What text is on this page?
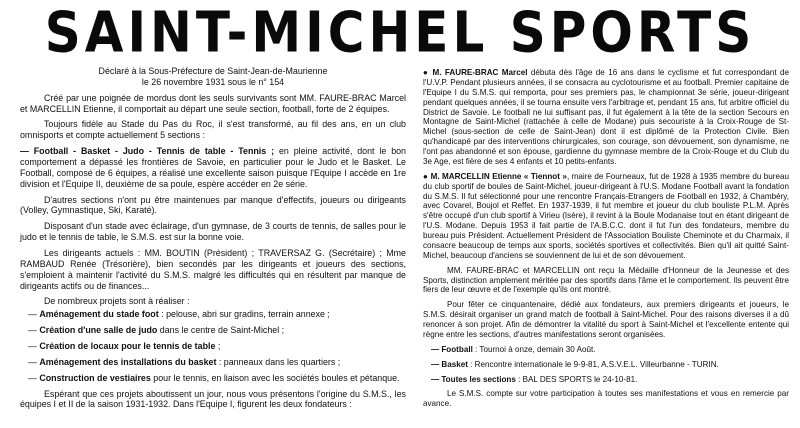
SAINT-MICHEL SPORTS

Déclaré à la Sous-Préfecture de Saint-Jean-de-Maurienne

le 26 novembre 1931 sous le n° 154

Créé par une poignée de mordus dont les seuls survivants sont MM. FAURE-BRAC Marcel et MARCELLIN Etienne, il comportait au départ une seule section, football, forte de 2 équipes.

Toujours fidèle au Stade du Pas du Roc, il s'est transformé, au fil des ans, en un club omnisports et compte actuellement 5 sections :

— Football - Basket - Judo - Tennis de table - Tennis ; en pleine activité, dont le bon comportement a dépassé les frontières de Savoie, en particulier pour le Judo et le Basket. Le Football, composé de 6 équipes, a réalisé une excellente saison puisque l'Equipe I accède en 1re division et l'Equipe II, deuxième de sa poule, espère accéder en 2e série.

D'autres sections n'ont pu être maintenues par manque d'effectifs, joueurs ou dirigeants (Volley, Gymnastique, Ski, Karaté).

Disposant d'un stade avec éclairage, d'un gymnase, de 3 courts de tennis, de salles pour le judo et le tennis de table, le S.M.S. est sur la bonne voie.

Les dirigeants actuels : MM. BOUTIN (Président) ; TRAVERSAZ G. (Secrétaire) ; Mme RAMBAUD Renée (Trésorière), bien secondés par les dirigeants et joueurs des sections, s'emploient à maintenir l'activité du S.M.S. malgré les difficultés qui en résultent par manque de dirigeants actifs ou de finances...

De nombreux projets sont à réaliser :

— Aménagement du stade foot : pelouse, abri sur gradins, terrain annexe ;

— Création d'une salle de judo dans le centre de Saint-Michel ;

— Création de locaux pour le tennis de table ;

— Aménagement des installations du basket : panneaux dans les quartiers ;

— Construction de vestiaires pour le tennis, en liaison avec les sociétés boules et pétanque.

Espérant que ces projets aboutissent un jour, nous vous présentons l'origine du S.M.S., les équipes I et II de la saison 1931-1932. Dans l'Equipe I, figurent les deux fondateurs :

● M. FAURE-BRAC Marcel débuta dès l'âge de 16 ans dans le cyclisme et fut correspondant de l'U.V.P. Pendant plusieurs années, il se consacra au cyclotourisme et au football. Premier capitaine de l'Equipe I du S.M.S. qui remporta, pour ses premiers pas, le championnat 3e série, joueur-dirigeant pendant quelques années, il se tourna ensuite vers l'arbitrage et, pendant 15 ans, fut arbitre officiel du District de Savoie. Le football ne lui suffisant pas, il fut également à la tête de la section Secours en Montagne de Saint-Michel (rattachée à celle de Modane) puis secouriste à la Croix-Rouge de St-Michel (sous-section de celle de Saint-Jean) dont il est diplômé de la Protection Civile. Bien qu'handicapé par des interventions chirurgicales, son courage, son dévouement, son dynamisme, ne l'ont pas abandonné et son épouse, gardienne du gymnase membre de la Croix-Rouge et du Club du 3e Age, est fière de ses 4 enfants et 10 petits-enfants.

● M. MARCELLIN Etienne « Tiennot », maire de Fourneaux, fut de 1928 à 1935 membre du bureau du club sportif de boules de Saint-Michel, joueur-dirigeant à l'U.S. Modane Football avant la fondation du S.M.S. Il fut sélectionné pour une rencontre Français-Etrangers de Football en 1932, à Chambéry, avec Covarel, Boujol et Reffet. En 1937-1939, il fut membre et joueur du club bouliste P.L.M. Après s'être occupé d'un club sportif à Virieu (Isère), il revint à la Boule Modanaise tout en étant dirigeant de l'U.S. Modane. Depuis 1953 il fait partie de l'A.B.C.C. dont il fut l'un des fondateurs, membre du bureau puis Président. Actuellement Président de l'Association Bouliste Cheminote et du Charmaix, il consacre beaucoup de temps aux sports, sociétés sportives et collectivités. Bien qu'il ait quitté Saint-Michel, beaucoup d'anciens se souviennent de lui et de son dévouement.

MM. FAURE-BRAC et MARCELLIN ont reçu la Médaille d'Honneur de la Jeunesse et des Sports, distinction amplement méritée par des sportifs dans l'âme et le comportement. Ils peuvent être fiers de leur œuvre et de l'exemple qu'ils ont montré.

Pour fêter ce cinquantenaire, dédié aux fondateurs, aux premiers dirigeants et joueurs, le S.M.S. désirait organiser un grand match de football à Saint-Michel. Pour des raisons diverses il a dû renoncer à son projet. Afin de démontrer la vitalité du sport à Saint-Michel et l'excellente entente qui règne entre les sections, d'autres manifestations seront organisées.

— Football : Tournoi à onze, demain 30 Août.

— Basket : Rencontre internationale le 9-9-81, A.S.V.E.L. Villeurbanne - TURIN.

— Toutes les sections : BAL DES SPORTS le 24-10-81.

Le S.M.S. compte sur votre participation à toutes ses manifestations et vous en remercie par avance.
